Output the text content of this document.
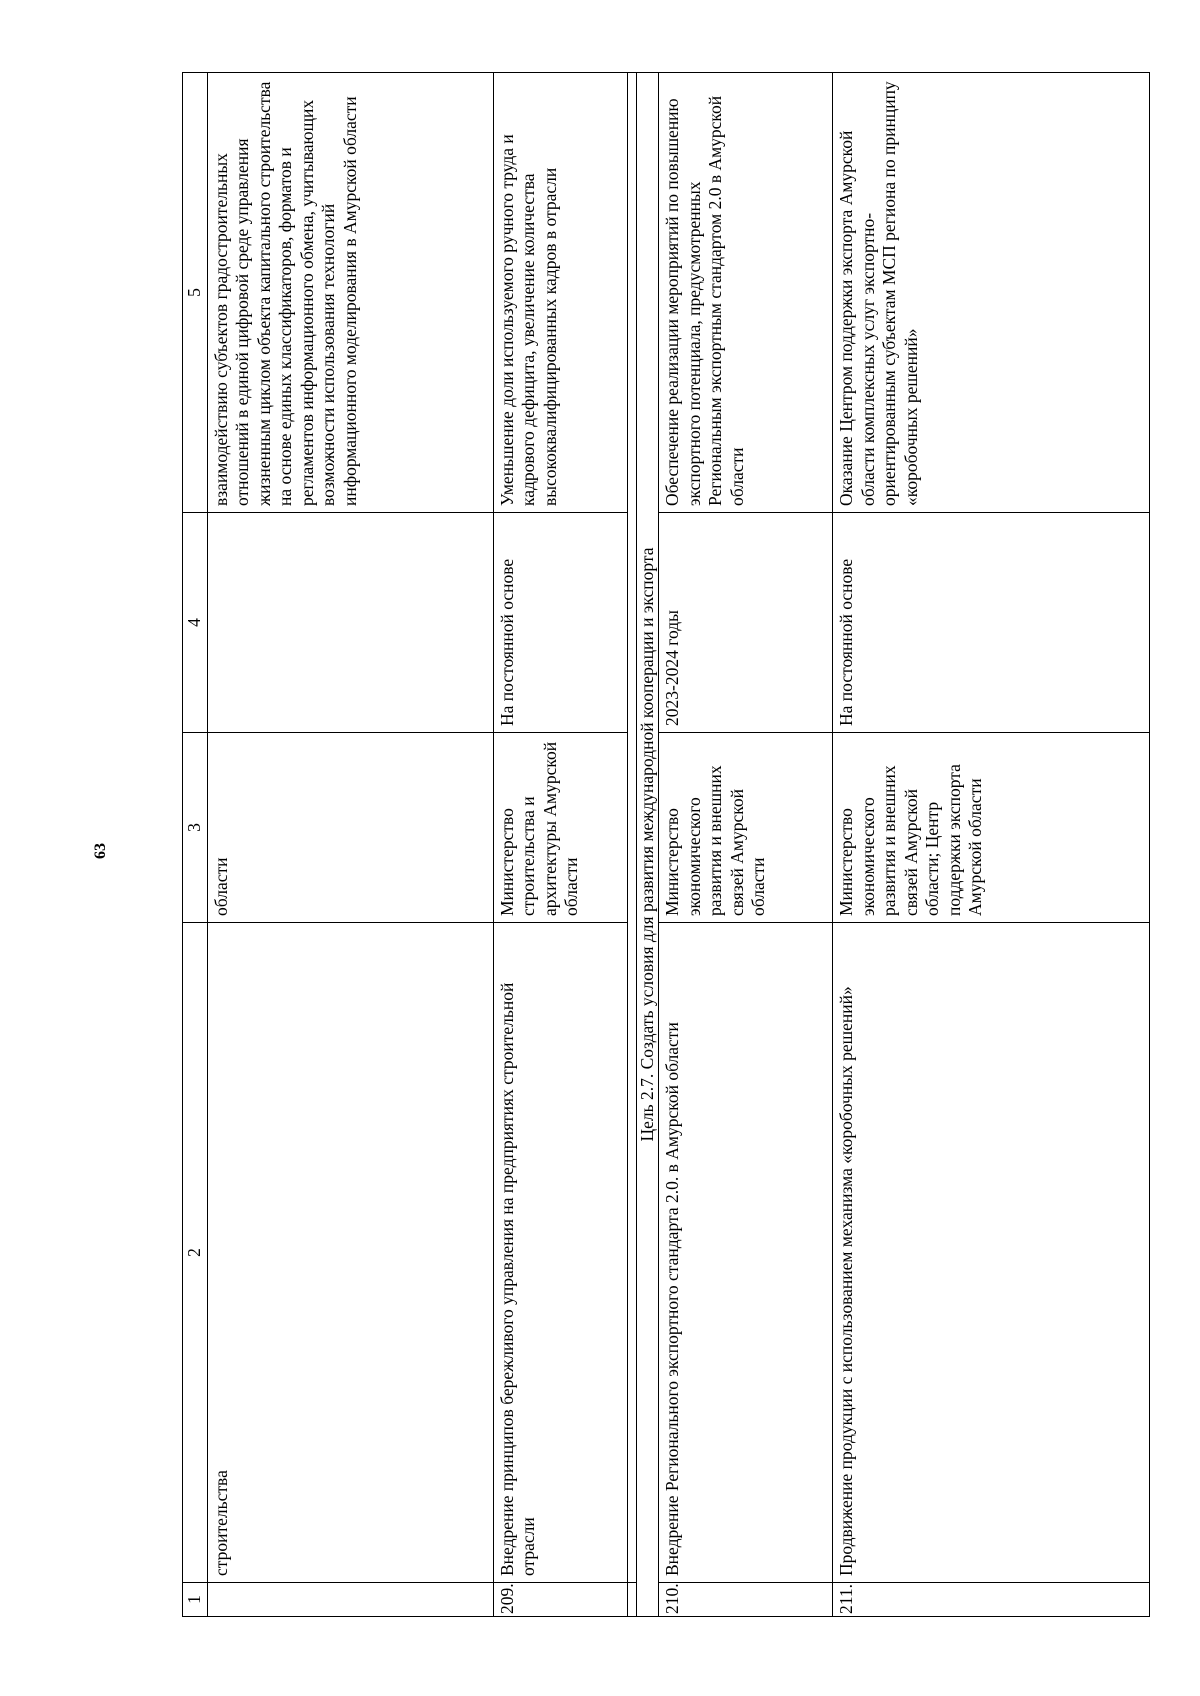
63
1	2	3	4	5
	строительства	области		взаимодействию субъектов градостроительных отношений в единой цифровой среде управления жизненным циклом объекта капитального строительства на основе единых классификаторов, форматов и регламентов информационного обмена, учитывающих возможности использования технологий информационного моделирования в Амурской области
209.	Внедрение принципов бережливого управления на предприятиях строительной отрасли	Министерство строительства и архитектуры Амурской области	На постоянной основе	Уменьшение доли используемого ручного труда и кадрового дефицита, увеличение количества высококвалифицированных кадров в отрасли

Цель 2.7. Создать условия для развития международной кооперации и экспорта				
210.	Внедрение Регионального экспортного стандарта 2.0. в Амурской области	Министерство экономического развития и внешних связей Амурской области	2023-2024 годы	Обеспечение реализации мероприятий по повышению экспортного потенциала, предусмотренных Региональным экспортным стандартом 2.0 в Амурской области
211.	Продвижение продукции с использованием механизма «коробочных решений»	Министерство экономического развития и внешних связей Амурской области; Центр поддержки экспорта Амурской области	На постоянной основе	Оказание Центром поддержки экспорта Амурской области комплексных услуг экспортно-ориентированным субъектам МСП региона по принципу «коробочных решений»
